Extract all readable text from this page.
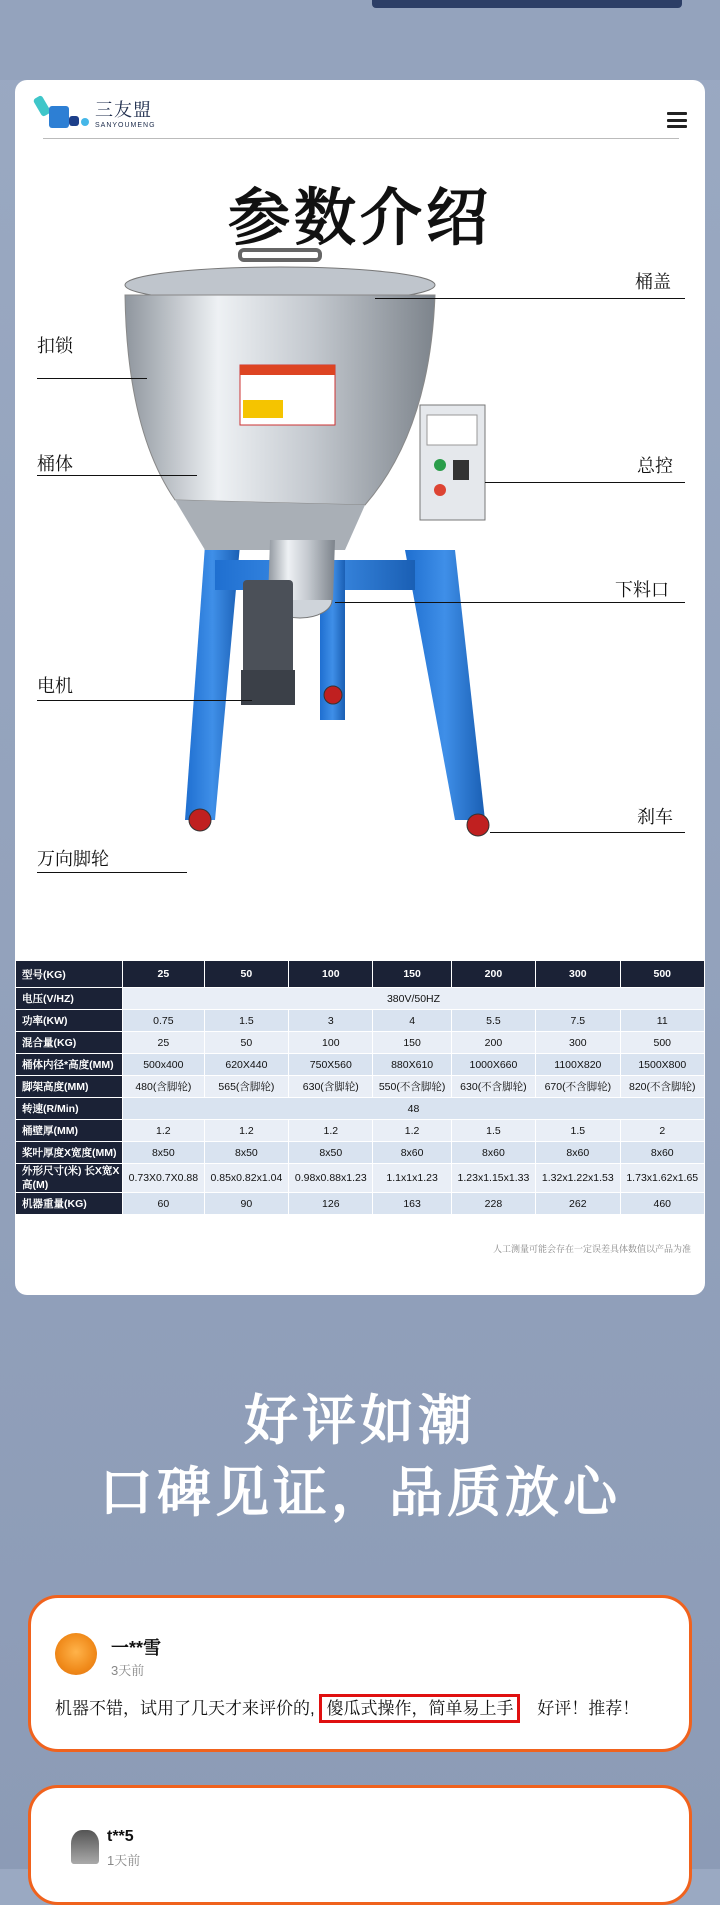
三友盟
SANYOUMENG
参数介绍
扣锁
桶体
电机
万向脚轮
桶盖
总控
下料口
刹车
型号(KG)	25	50	100	150	200	300	500
电压(V/HZ)	380V/50HZ						
功率(KW)	0.75	1.5	3	4	5.5	7.5	11
混合量(KG)	25	50	100	150	200	300	500
桶体内径*高度(MM)	500x400	620X440	750X560	880X610	1000X660	1100X820	1500X800
脚架高度(MM)	480(含脚轮)	565(含脚轮)	630(含脚轮)	550(不含脚轮)	630(不含脚轮)	670(不含脚轮)	820(不含脚轮)
转速(R/Min)	48						
桶壁厚(MM)	1.2	1.2	1.2	1.2	1.5	1.5	2
桨叶厚度X宽度(MM)	8x50	8x50	8x50	8x60	8x60	8x60	8x60
外形尺寸(米) 长X宽X高(M)	0.73X0.7X0.88	0.85x0.82x1.04	0.98x0.88x1.23	1.1x1x1.23	1.23x1.15x1.33	1.32x1.22x1.53	1.73x1.62x1.65
机器重量(KG)	60	90	126	163	228	262	460
人工测量可能会存在一定误差具体数值以产品为准
好评如潮
口碑见证，品质放心
一**雪
3天前
机器不错，试用了几天才来评价的, 傻瓜式操作，简单易上手 好评！推荐！
t**5
1天前
